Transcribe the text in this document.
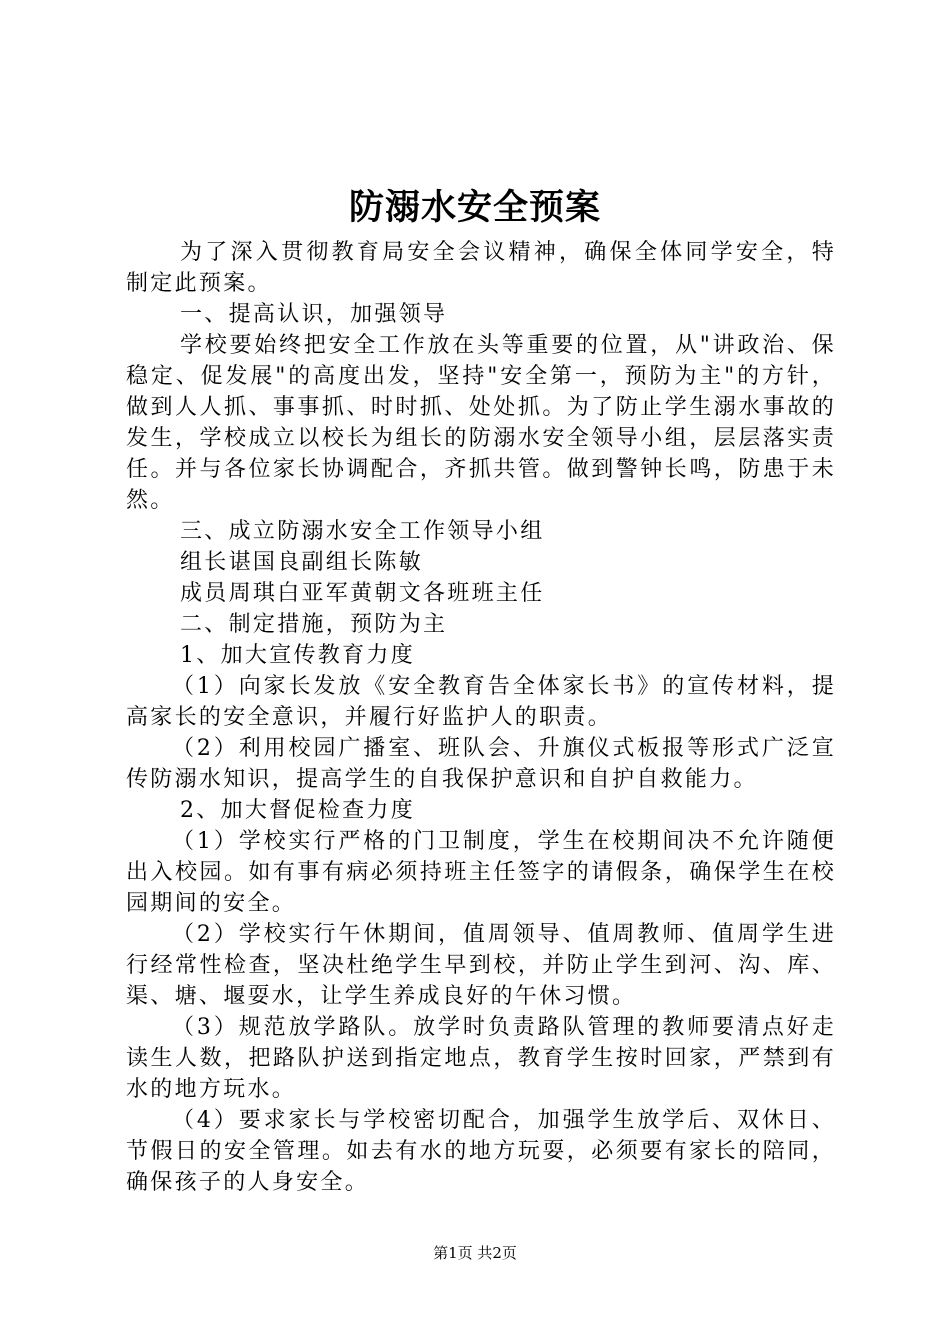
防溺水安全预案

为了深入贯彻教育局安全会议精神，确保全体同学安全，特制定此预案。

一、提高认识，加强领导

学校要始终把安全工作放在头等重要的位置，从"讲政治、保稳定、促发展"的高度出发，坚持"安全第一，预防为主"的方针，做到人人抓、事事抓、时时抓、处处抓。为了防止学生溺水事故的发生，学校成立以校长为组长的防溺水安全领导小组，层层落实责任。并与各位家长协调配合，齐抓共管。做到警钟长鸣，防患于未然。

三、成立防溺水安全工作领导小组

组长谌国良副组长陈敏

成员周琪白亚军黄朝文各班班主任

二、制定措施，预防为主

1、加大宣传教育力度

（1）向家长发放《安全教育告全体家长书》的宣传材料，提高家长的安全意识，并履行好监护人的职责。

（2）利用校园广播室、班队会、升旗仪式板报等形式广泛宣传防溺水知识，提高学生的自我保护意识和自护自救能力。

2、加大督促检查力度

（1）学校实行严格的门卫制度，学生在校期间决不允许随便出入校园。如有事有病必须持班主任签字的请假条，确保学生在校园期间的安全。

（2）学校实行午休期间，值周领导、值周教师、值周学生进行经常性检查，坚决杜绝学生早到校，并防止学生到河、沟、库、渠、塘、堰耍水，让学生养成良好的午休习惯。

（3）规范放学路队。放学时负责路队管理的教师要清点好走读生人数，把路队护送到指定地点，教育学生按时回家，严禁到有水的地方玩水。

（4）要求家长与学校密切配合，加强学生放学后、双休日、节假日的安全管理。如去有水的地方玩耍，必须要有家长的陪同，确保孩子的人身安全。

第1页 共2页
